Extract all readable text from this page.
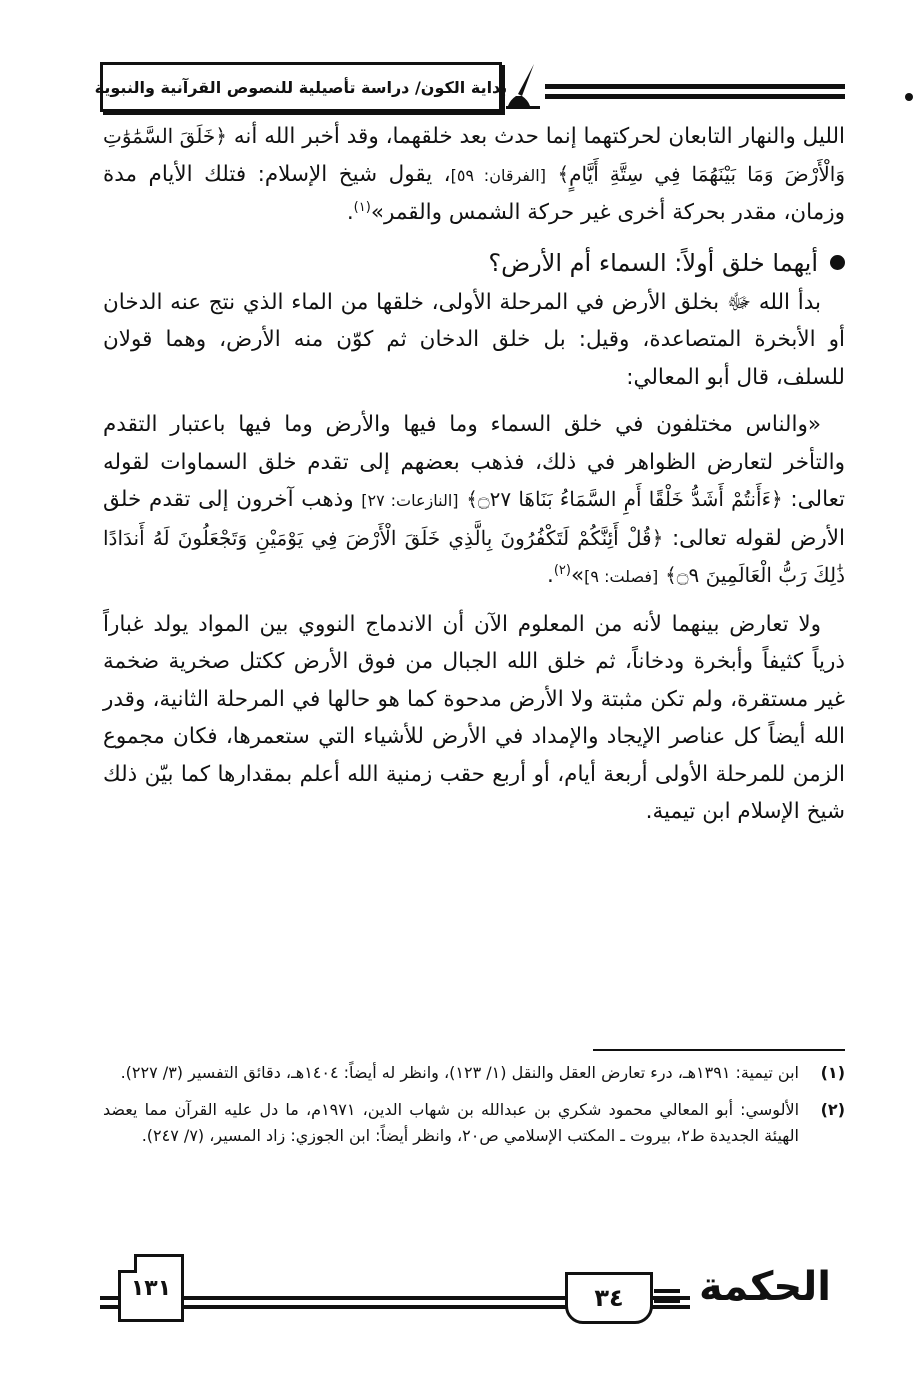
بداية الكون/ دراسة تأصيلية للنصوص القرآنية والنبوية

الليل والنهار التابعان لحركتهما إنما حدث بعد خلقهما، وقد أخبر الله أنه ﴿خَلَقَ السَّمَٰوَٰتِ وَالْأَرْضَ وَمَا بَيْنَهُمَا فِي سِتَّةِ أَيَّامٍ﴾ [الفرقان: ٥٩]، يقول شيخ الإسلام: فتلك الأيام مدة وزمان، مقدر بحركة أخرى غير حركة الشمس والقمر»$^{(١)}$.

أيهما خلق أولاً: السماء أم الأرض؟

بدأ الله ﷻ بخلق الأرض في المرحلة الأولى، خلقها من الماء الذي نتج عنه الدخان أو الأبخرة المتصاعدة، وقيل: بل خلق الدخان ثم كوّن منه الأرض، وهما قولان للسلف، قال أبو المعالي:

«والناس مختلفون في خلق السماء وما فيها والأرض وما فيها باعتبار التقدم والتأخر لتعارض الظواهر في ذلك، فذهب بعضهم إلى تقدم خلق السماوات لقوله تعالى: ﴿ءَأَنتُمْ أَشَدُّ خَلْقًا أَمِ السَّمَاءُ بَنَاهَا ۝٢٧﴾ [النازعات: ٢٧] وذهب آخرون إلى تقدم خلق الأرض لقوله تعالى: ﴿قُلْ أَئِنَّكُمْ لَتَكْفُرُونَ بِالَّذِي خَلَقَ الْأَرْضَ فِي يَوْمَيْنِ وَتَجْعَلُونَ لَهُ أَندَادًا ذَٰلِكَ رَبُّ الْعَالَمِينَ ۝٩﴾ [فصلت: ٩]»$^{(٢)}$.

ولا تعارض بينهما لأنه من المعلوم الآن أن الاندماج النووي بين المواد يولد غباراً ذرياً كثيفاً وأبخرة ودخاناً، ثم خلق الله الجبال من فوق الأرض ككتل صخرية ضخمة غير مستقرة، ولم تكن مثبتة ولا الأرض مدحوة كما هو حالها في المرحلة الثانية، وقدر الله أيضاً كل عناصر الإيجاد والإمداد في الأرض للأشياء التي ستعمرها، فكان مجموع الزمن للمرحلة الأولى أربعة أيام، أو أربع حقب زمنية الله أعلم بمقدارها كما بيّن ذلك شيخ الإسلام ابن تيمية.

(١)
ابن تيمية: ١٣٩١هـ، درء تعارض العقل والنقل (١/ ١٢٣)، وانظر له أيضاً: ١٤٠٤هـ، دقائق التفسير (٣/ ٢٢٧).
(٢)
الألوسي: أبو المعالي محمود شكري بن عبدالله بن شهاب الدين، ١٩٧١م، ما دل عليه القرآن مما يعضد الهيئة الجديدة ط٢، بيروت ـ المكتب الإسلامي ص٢٠، وانظر أيضاً: ابن الجوزي: زاد المسير، (٧/ ٢٤٧).
١٣١	٣٤ الحكمة
